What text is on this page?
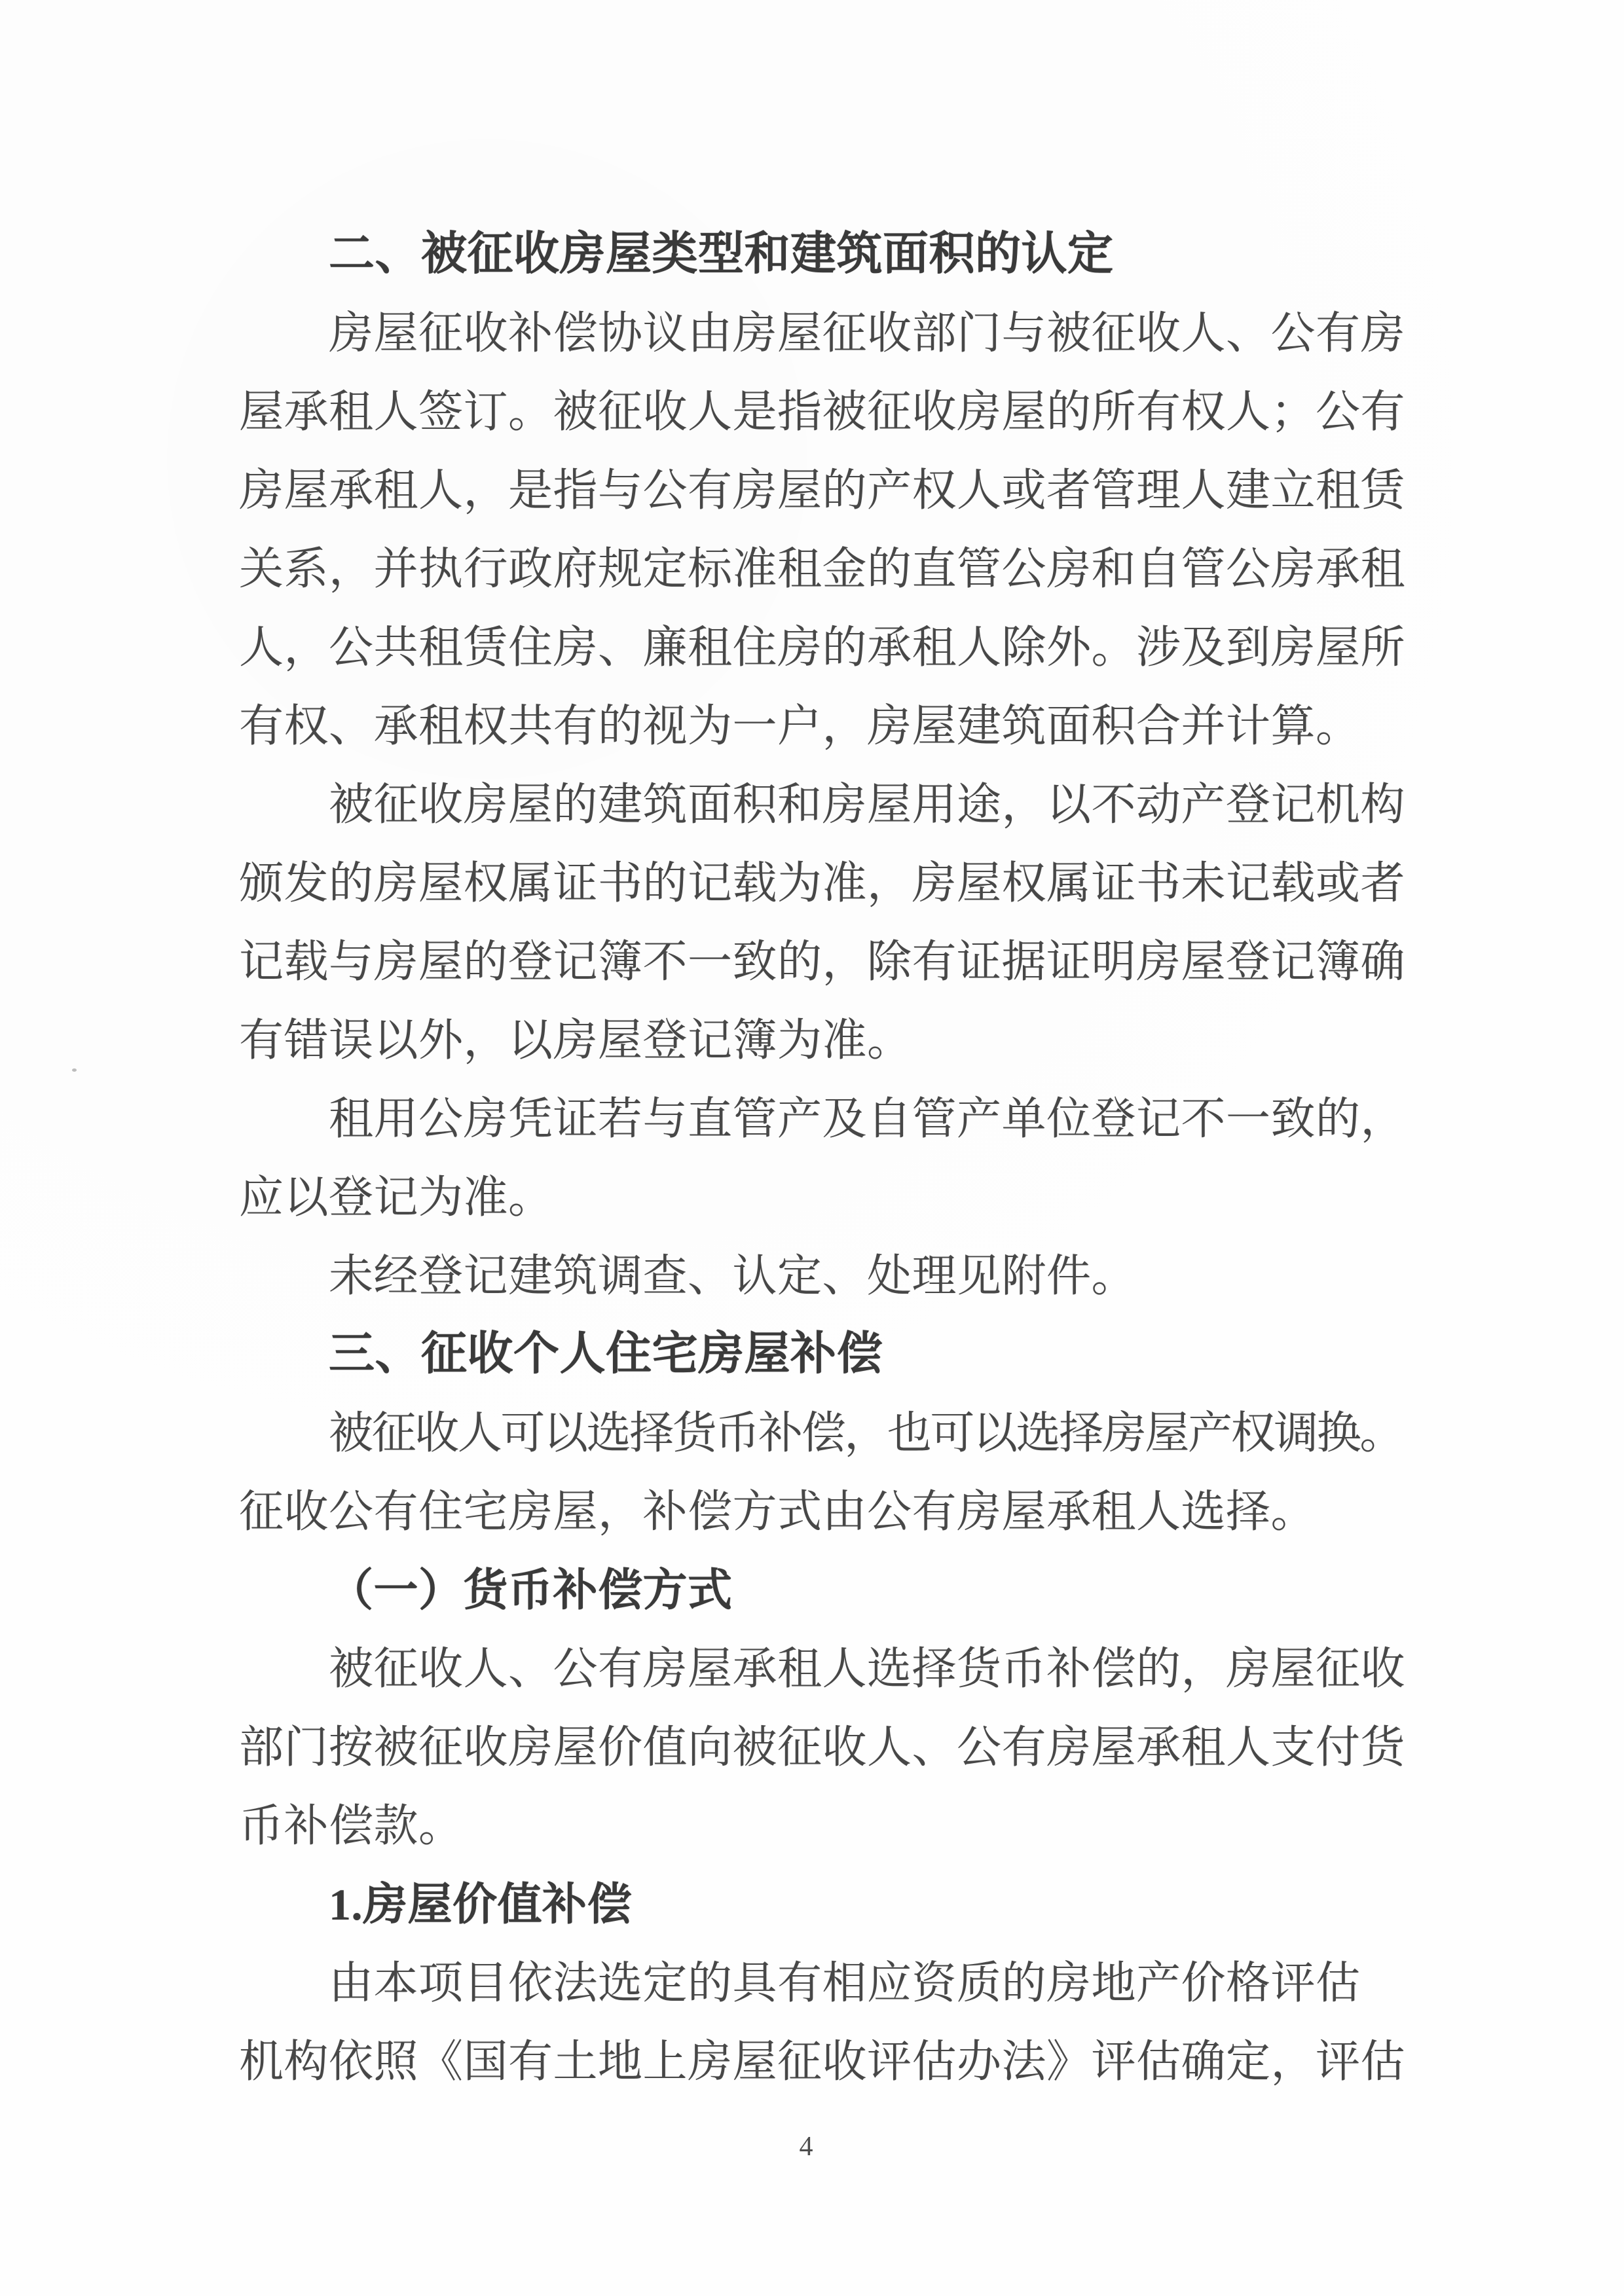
二、被征收房屋类型和建筑面积的认定
房屋征收补偿协议由房屋征收部门与被征收人、公有房
屋承租人签订。被征收人是指被征收房屋的所有权人；公有
房屋承租人，是指与公有房屋的产权人或者管理人建立租赁
关系，并执行政府规定标准租金的直管公房和自管公房承租
人，公共租赁住房、廉租住房的承租人除外。涉及到房屋所
有权、承租权共有的视为一户，房屋建筑面积合并计算。
被征收房屋的建筑面积和房屋用途，以不动产登记机构
颁发的房屋权属证书的记载为准，房屋权属证书未记载或者
记载与房屋的登记簿不一致的，除有证据证明房屋登记簿确
有错误以外，以房屋登记簿为准。
租用公房凭证若与直管产及自管产单位登记不一致的，
应以登记为准。
未经登记建筑调查、认定、处理见附件。
三、征收个人住宅房屋补偿
被征收人可以选择货币补偿，也可以选择房屋产权调换。
征收公有住宅房屋，补偿方式由公有房屋承租人选择。
（一）货币补偿方式
被征收人、公有房屋承租人选择货币补偿的，房屋征收
部门按被征收房屋价值向被征收人、公有房屋承租人支付货
币补偿款。
1.房屋价值补偿
由本项目依法选定的具有相应资质的房地产价格评估
机构依照《国有土地上房屋征收评估办法》评估确定，评估
4
